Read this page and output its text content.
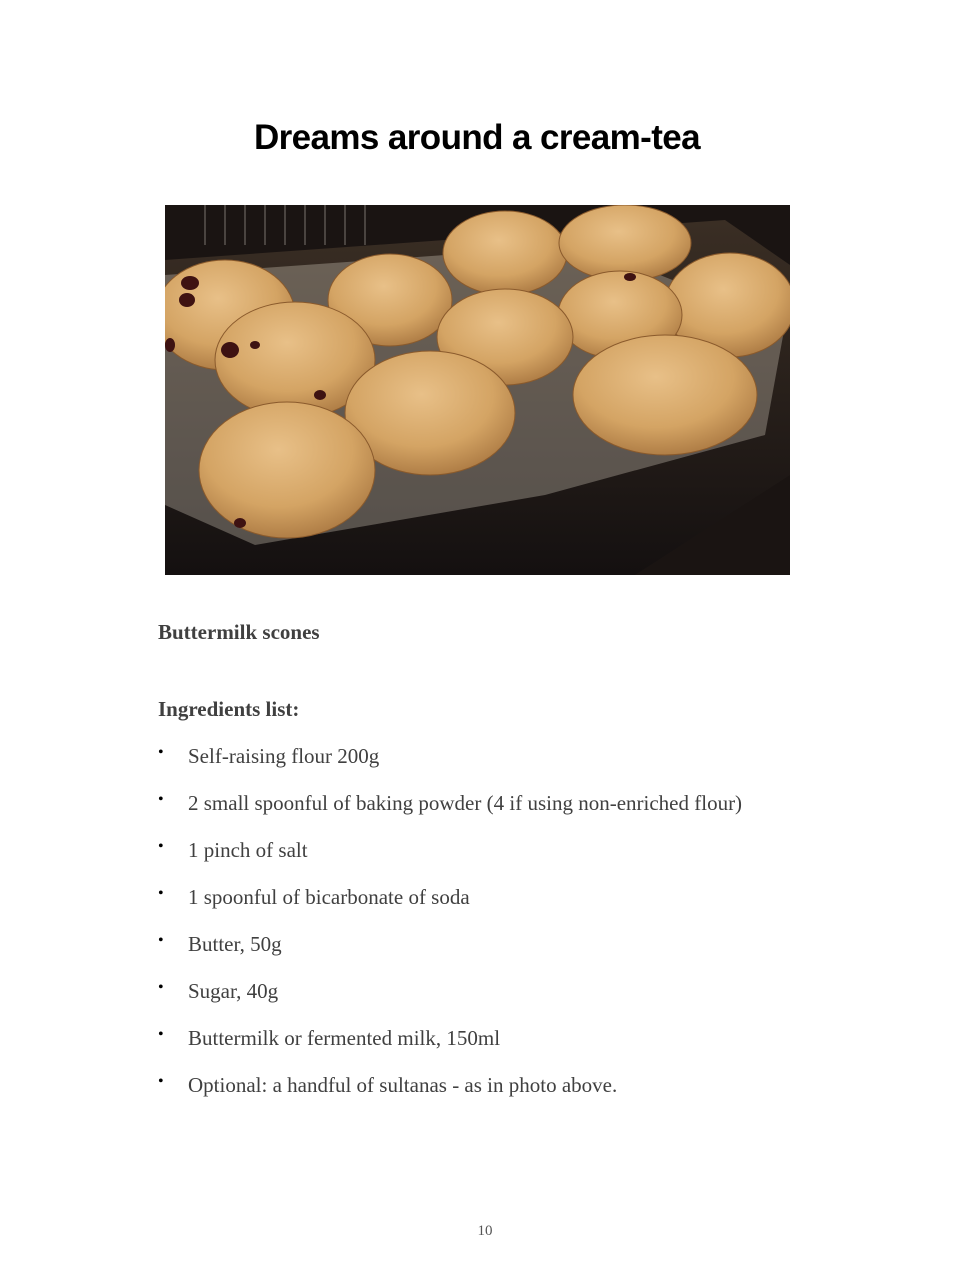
Dreams around a cream-tea
Buttermilk scones
Ingredients list:
• Self-raising flour 200g
• 2 small spoonful of baking powder (4 if using non-enriched flour)
• 1 pinch of salt
• 1 spoonful of bicarbonate of soda
• Butter, 50g
• Sugar, 40g
• Buttermilk or fermented milk, 150ml
• Optional: a handful of sultanas - as in photo above.
10
